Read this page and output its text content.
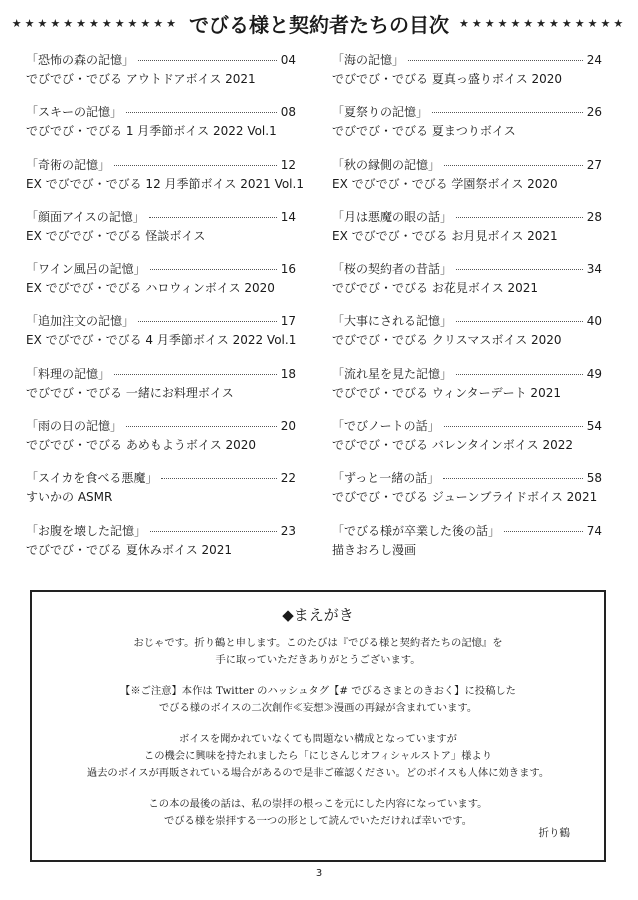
★★★★★★★★★★★★★ でびる様と契約者たちの目次 ★★★★★★★★★★★★★
「恐怖の森の記憶」	04
でびでび・でびる アウトドアボイス 2021
「スキーの記憶」	08
でびでび・でびる 1 月季節ボイス 2022 Vol.1
「奇術の記憶」	12
EX でびでび・でびる 12 月季節ボイス 2021 Vol.1
「顔面アイスの記憶」	14
EX でびでび・でびる 怪談ボイス
「ワイン風呂の記憶」	16
EX でびでび・でびる ハロウィンボイス 2020
「追加注文の記憶」	17
EX でびでび・でびる 4 月季節ボイス 2022 Vol.1
「料理の記憶」	18
でびでび・でびる 一緒にお料理ボイス
「雨の日の記憶」	20
でびでび・でびる あめもようボイス 2020
「スイカを食べる悪魔」	22
すいかの ASMR
「お腹を壊した記憶」	23
でびでび・でびる 夏休みボイス 2021
「海の記憶」	24
でびでび・でびる 夏真っ盛りボイス 2020
「夏祭りの記憶」	26
でびでび・でびる 夏まつりボイス
「秋の縁側の記憶」	27
EX でびでび・でびる 学園祭ボイス 2020
「月は悪魔の眼の話」	28
EX でびでび・でびる お月見ボイス 2021
「桜の契約者の昔話」	34
でびでび・でびる お花見ボイス 2021
「大事にされる記憶」	40
でびでび・でびる クリスマスボイス 2020
「流れ星を見た記憶」	49
でびでび・でびる ウィンターデート 2021
「でびノートの話」	54
でびでび・でびる バレンタインボイス 2022
「ずっと一緒の話」	58
でびでび・でびる ジューンブライドボイス 2021
「でびる様が卒業した後の話」	74
描きおろし漫画
◆まえがき

おじゃです。折り鶴と申します。このたびは『でびる様と契約者たちの記憶』を

手に取っていただきありがとうございます。

【※ご注意】本作は Twitter のハッシュタグ【# でびるさまとのきおく】に投稿した

でびる様のボイスの二次創作≪妄想≫漫画の再録が含まれています。

ボイスを聞かれていなくても問題ない構成となっていますが

この機会に興味を持たれましたら「にじさんじオフィシャルストア」様より

過去のボイスが再販されている場合があるので是非ご確認ください。どのボイスも人体に効きます。

この本の最後の話は、私の崇拝の根っこを元にした内容になっています。

でびる様を崇拝する一つの形として読んでいただければ幸いです。

折り鶴
3
